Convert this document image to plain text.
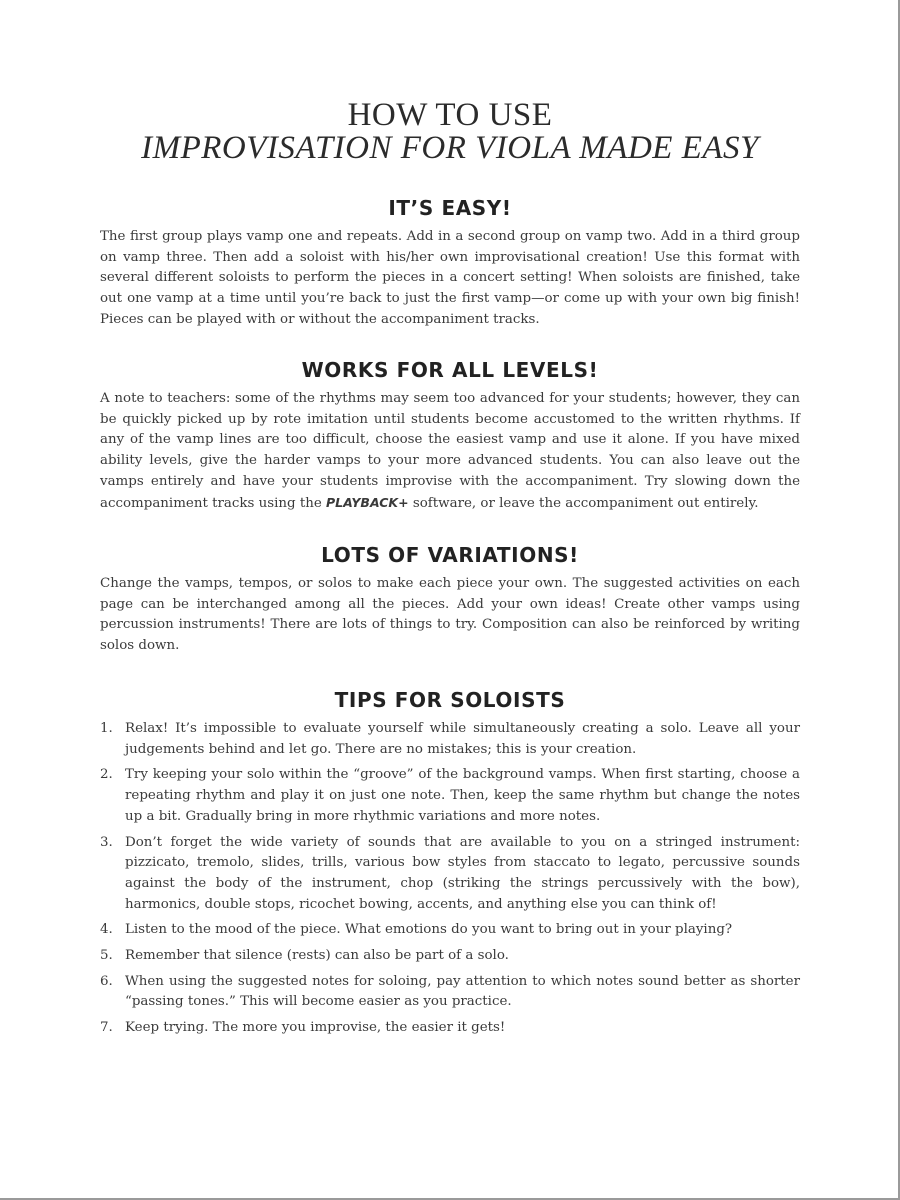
HOW TO USE
IMPROVISATION FOR VIOLA MADE EASY
IT’S EASY!
The first group plays vamp one and repeats. Add in a second group on vamp two. Add in a third group on vamp three. Then add a soloist with his/her own improvisational creation! Use this format with several different soloists to perform the pieces in a concert setting! When soloists are finished, take out one vamp at a time until you’re back to just the first vamp—or come up with your own big finish! Pieces can be played with or without the accompaniment tracks.
WORKS FOR ALL LEVELS!
A note to teachers: some of the rhythms may seem too advanced for your students; however, they can be quickly picked up by rote imitation until students become accustomed to the written rhythms. If any of the vamp lines are too difficult, choose the easiest vamp and use it alone. If you have mixed ability levels, give the harder vamps to your more advanced students. You can also leave out the vamps entirely and have your students improvise with the accompaniment. Try slowing down the accompaniment tracks using the PLAYBACK+ software, or leave the accompaniment out entirely.
LOTS OF VARIATIONS!
Change the vamps, tempos, or solos to make each piece your own. The suggested activities on each page can be interchanged among all the pieces. Add your own ideas! Create other vamps using percussion instruments! There are lots of things to try. Composition can also be reinforced by writing solos down.
TIPS FOR SOLOISTS
1. Relax! It’s impossible to evaluate yourself while simultaneously creating a solo. Leave all your judgements behind and let go. There are no mistakes; this is your creation.
2. Try keeping your solo within the “groove” of the background vamps. When first starting, choose a repeating rhythm and play it on just one note. Then, keep the same rhythm but change the notes up a bit. Gradually bring in more rhythmic variations and more notes.
3. Don’t forget the wide variety of sounds that are available to you on a stringed instrument: pizzicato, tremolo, slides, trills, various bow styles from staccato to legato, percussive sounds against the body of the instrument, chop (striking the strings percussively with the bow), harmonics, double stops, ricochet bowing, accents, and anything else you can think of!
4. Listen to the mood of the piece. What emotions do you want to bring out in your playing?
5. Remember that silence (rests) can also be part of a solo.
6. When using the suggested notes for soloing, pay attention to which notes sound better as shorter “passing tones.” This will become easier as you practice.
7. Keep trying. The more you improvise, the easier it gets!
